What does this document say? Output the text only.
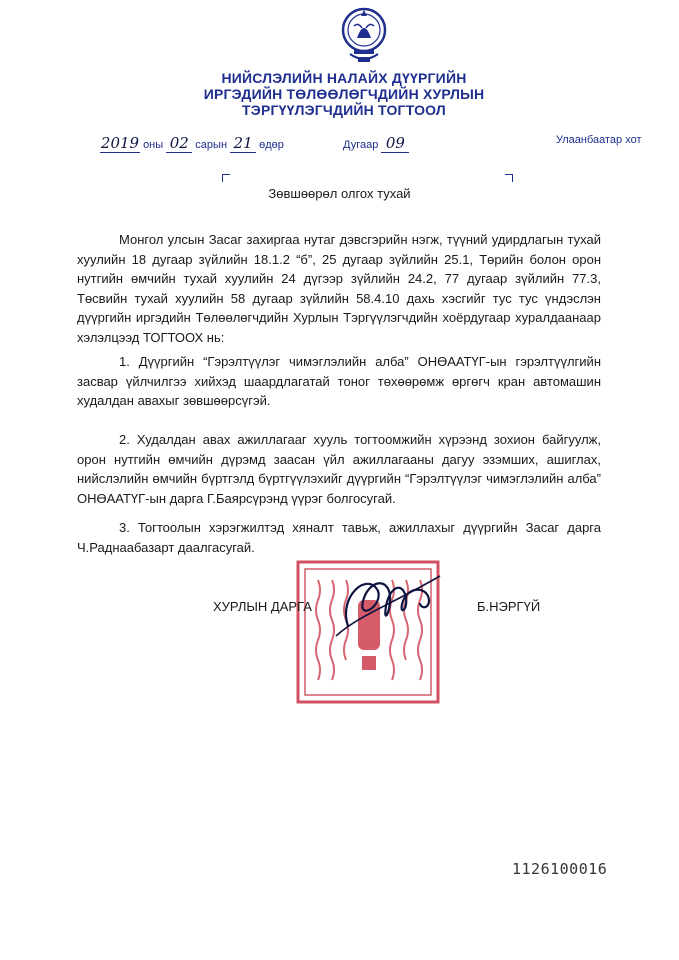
НИЙСЛЭЛИЙН НАЛАЙХ ДҮҮРГИЙН
ИРГЭДИЙН ТӨЛӨӨЛӨГЧДИЙН ХУРЛЫН
ТЭРГҮҮЛЭГЧДИЙН ТОГТООЛ
2019 оны 02 сарын 21 өдөр	Дугаар 09	Улаанбаатар хот
Зөвшөөрөл олгох тухай
Монгол улсын Засаг захиргаа нутаг дэвсгэрийн нэгж, түүний удирдлагын тухай хуулийн 18 дугаар зүйлийн 18.1.2 “б”, 25 дугаар зүйлийн 25.1, Төрийн болон орон нутгийн өмчийн тухай хуулийн 24 дүгээр зүйлийн 24.2, 77 дугаар зүйлийн 77.3, Төсвийн тухай хуулийн 58 дугаар зүйлийн 58.4.10 дахь хэсгийг тус тус үндэслэн дүүргийн иргэдийн Төлөөлөгчдийн Хурлын Тэргүүлэгчдийн хоёрдугаар хуралдаанаар хэлэлцээд ТОГТООХ нь:
1. Дүүргийн “Гэрэлтүүлэг чимэглэлийн алба” ОНӨААТҮГ-ын гэрэлтүүлгийн засвар үйлчилгээ хийхэд шаардлагатай тоног төхөөрөмж өргөгч кран автомашин худалдан авахыг зөвшөөрсүгэй.
2. Худалдан авах ажиллагааг хууль тогтоомжийн хүрээнд зохион байгуулж, орон нутгийн өмчийн дүрэмд заасан үйл ажиллагааны дагуу эзэмших, ашиглах, нийслэлийн өмчийн бүртгэлд бүртгүүлэхийг дүүргийн “Гэрэлтүүлэг чимэглэлийн алба” ОНӨААТҮГ-ын дарга Г.Баярсүрэнд үүрэг болгосугай.
3. Тогтоолын хэрэгжилтэд хяналт тавьж, ажиллахыг дүүргийн Засаг дарга Ч.Раднаабазарт даалгасугай.
ХУРЛЫН ДАРГА	Б.НЭРГҮЙ
1126100016
